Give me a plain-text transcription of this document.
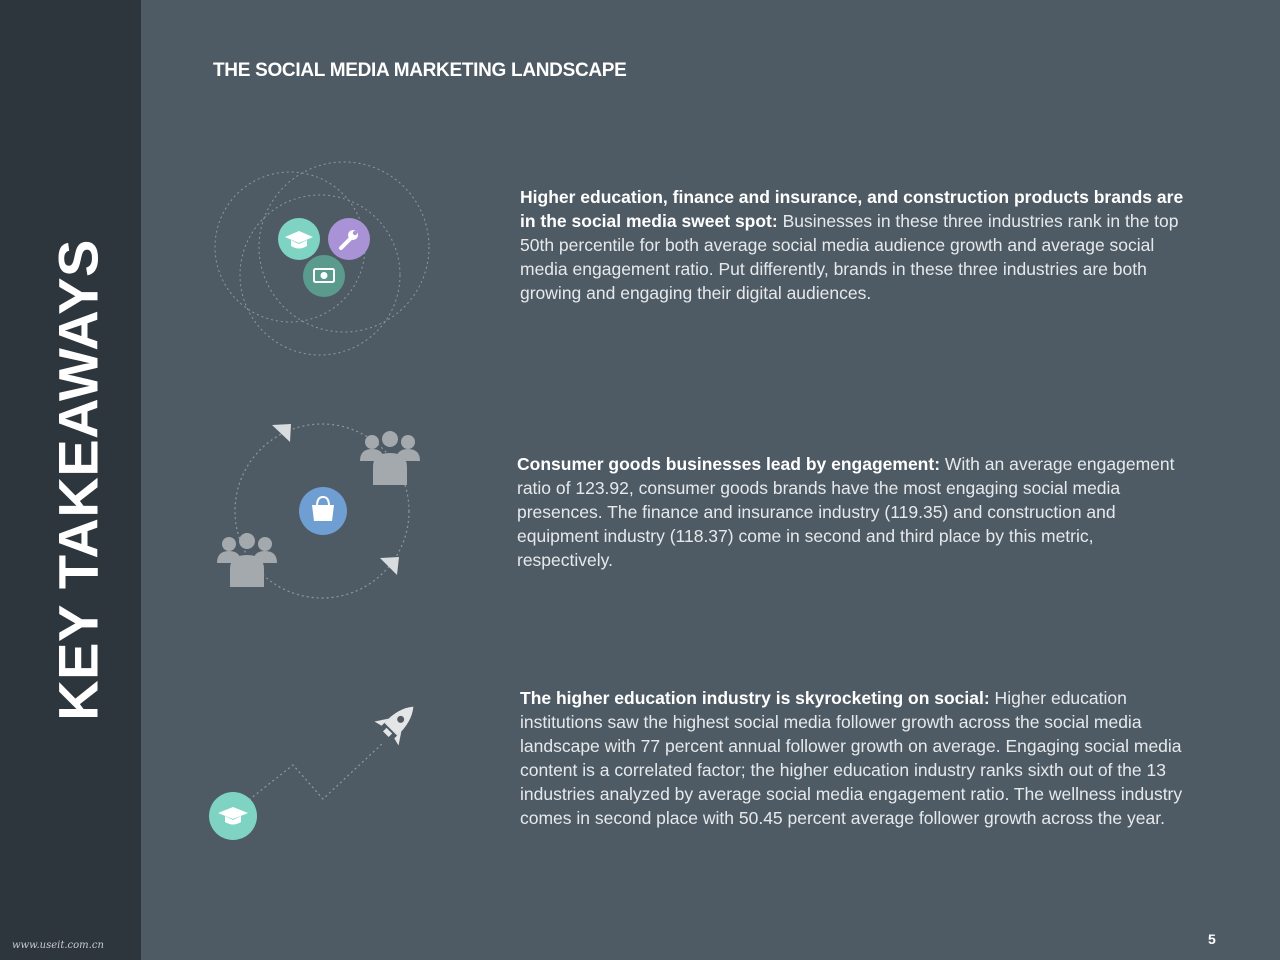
KEY TAKEAWAYS
www.useit.com.cn
THE SOCIAL MEDIA MARKETING LANDSCAPE
Higher education, finance and insurance, and construction products brands are in the social media sweet spot: Businesses in these three industries rank in the top 50th percentile for both average social media audience growth and average social media engagement ratio. Put differently, brands in these three industries are both growing and engaging their digital audiences.
Consumer goods businesses lead by engagement: With an average engagement ratio of 123.92, consumer goods brands have the most engaging social media presences. The finance and insurance industry (119.35) and construction and equipment industry (118.37) come in second and third place by this metric, respectively.
The higher education industry is skyrocketing on social: Higher education institutions saw the highest social media follower growth across the social media landscape with 77 percent annual follower growth on average. Engaging social media content is a correlated factor; the higher education industry ranks sixth out of the 13 industries analyzed by average social media engagement ratio. The wellness industry comes in second place with 50.45 percent average follower growth across the year.
5
